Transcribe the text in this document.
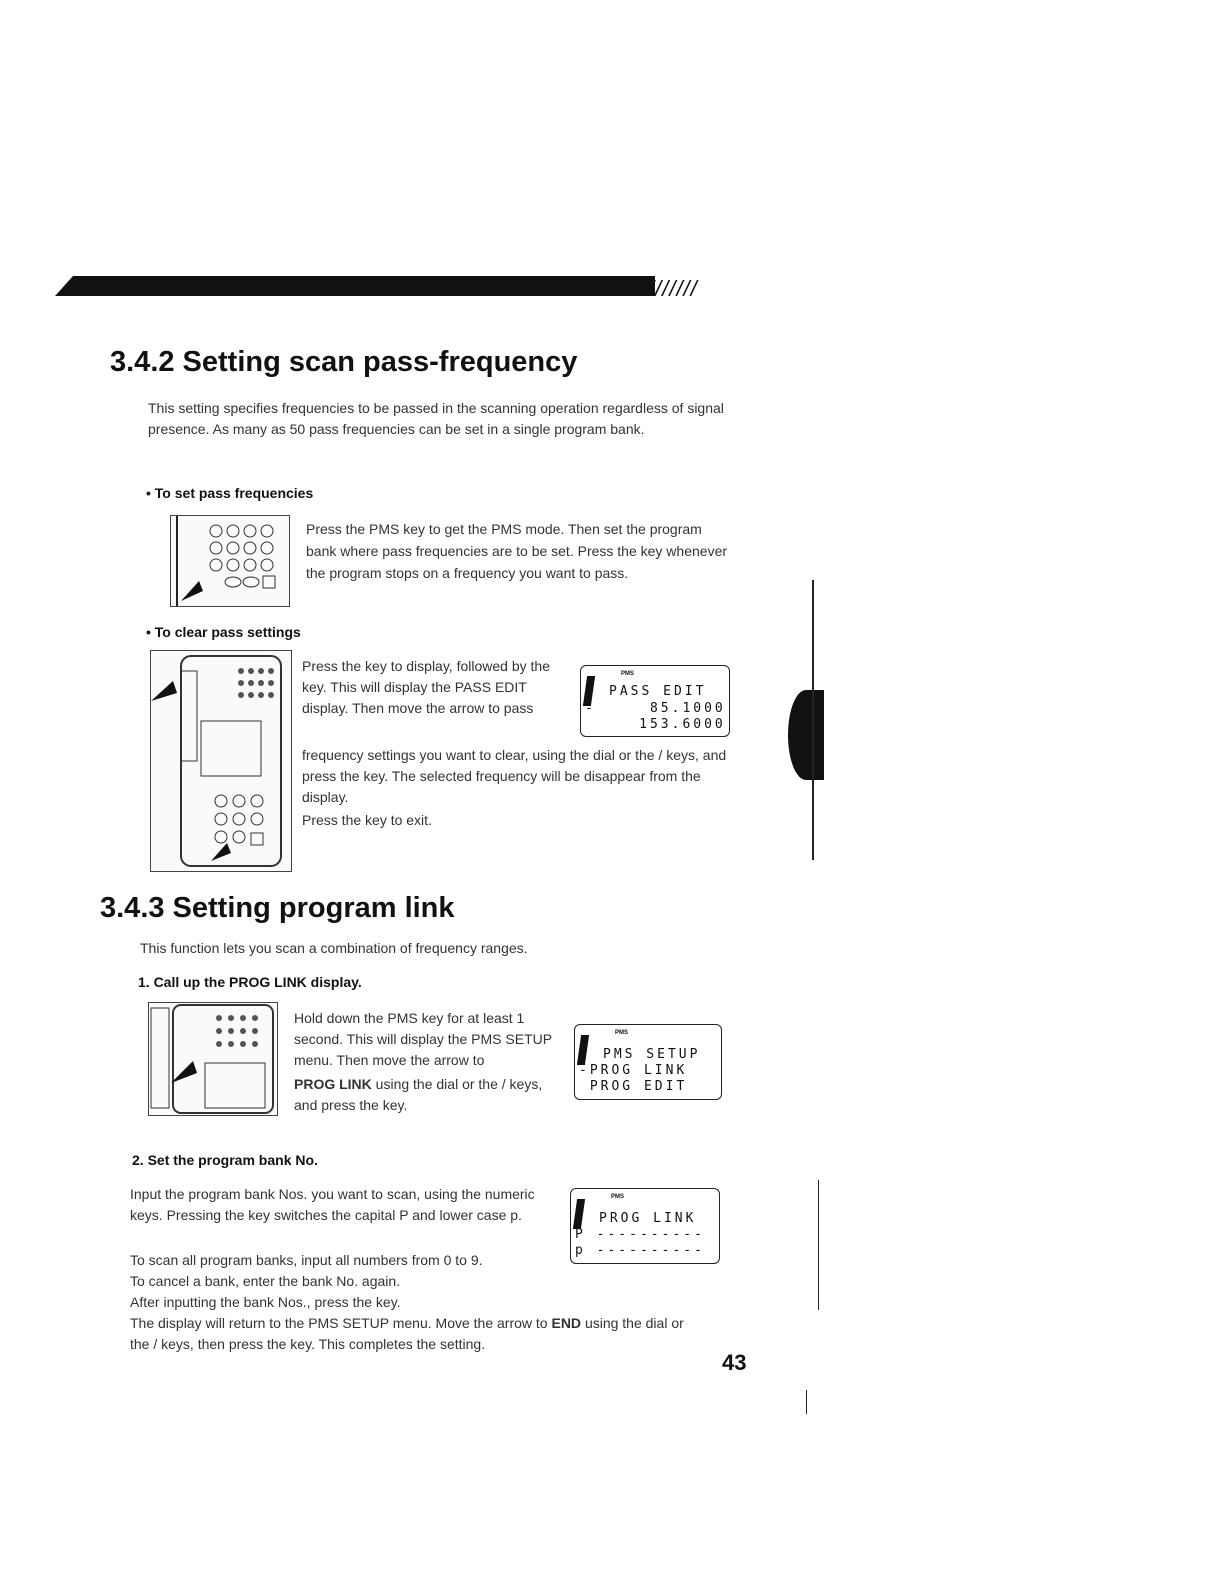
///////
3.4.2 Setting scan pass-frequency
This setting specifies frequencies to be passed in the scanning operation regardless of signal presence. As many as 50 pass frequencies can be set in a single program bank.
• To set pass frequencies
Press the PMS key to get the PMS mode. Then set the program bank where pass frequencies are to be set. Press the key whenever the program stops on a frequency you want to pass.
• To clear pass settings
Press the key to display, followed by the key. This will display the PASS EDIT display. Then move the arrow to pass
frequency settings you want to clear, using the dial or the / keys, and press the key. The selected frequency will be disappear from the display.
Press the key to exit.
PMS
PASS EDIT
-     85.1000
153.6000
3.4.3 Setting program link
This function lets you scan a combination of frequency ranges.
1. Call up the PROG LINK display.
Hold down the PMS key for at least 1 second. This will display the PMS SETUP menu. Then move the arrow to
PROG LINK using the dial or the / keys, and press the key.
PMS
PMS SETUP
-PROG LINK
PROG EDIT
2. Set the program bank No.
Input the program bank Nos. you want to scan, using the numeric keys. Pressing the key switches the capital P and lower case p.
To scan all program banks, input all numbers from 0 to 9.
To cancel a bank, enter the bank No. again.
After inputting the bank Nos., press the key.
The display will return to the PMS SETUP menu. Move the arrow to END using the dial or the / keys, then press the key. This completes the setting.
PMS
PROG LINK
P ----------
p ----------
43
